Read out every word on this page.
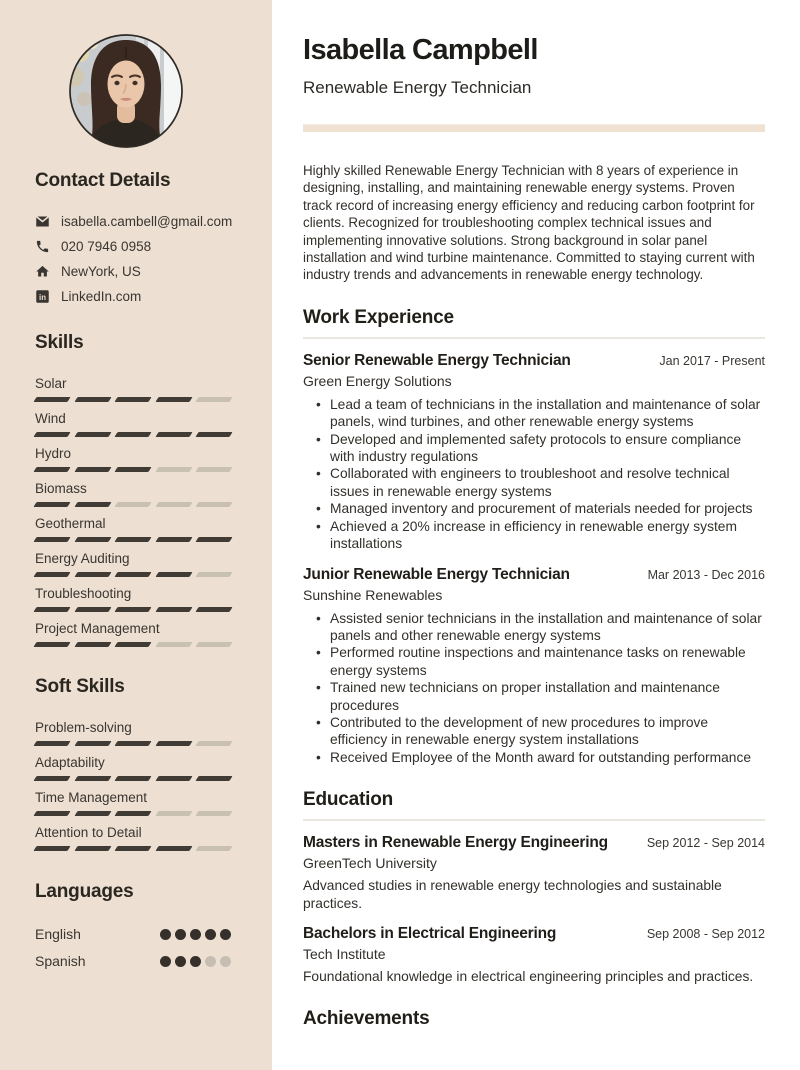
Contact Details
isabella.cambell@gmail.com
020 7946 0958
NewYork, US
in LinkedIn.com
Skills
Solar
Wind
Hydro
Biomass
Geothermal
Energy Auditing
Troubleshooting
Project Management
Soft Skills
Problem-solving
Adaptability
Time Management
Attention to Detail
Languages
English
Spanish
Isabella Campbell
Renewable Energy Technician

Highly skilled Renewable Energy Technician with 8 years of experience in designing, installing, and maintaining renewable energy systems. Proven track record of increasing energy efficiency and reducing carbon footprint for clients. Recognized for troubleshooting complex technical issues and implementing innovative solutions. Strong background in solar panel installation and wind turbine maintenance. Committed to staying current with industry trends and advancements in renewable energy technology.

Work Experience
Senior Renewable Energy Technician	Jan 2017 - Present
Green Energy Solutions
• Lead a team of technicians in the installation and maintenance of solar panels, wind turbines, and other renewable energy systems
• Developed and implemented safety protocols to ensure compliance with industry regulations
• Collaborated with engineers to troubleshoot and resolve technical issues in renewable energy systems
• Managed inventory and procurement of materials needed for projects
• Achieved a 20% increase in efficiency in renewable energy system installations
Junior Renewable Energy Technician	Mar 2013 - Dec 2016
Sunshine Renewables
• Assisted senior technicians in the installation and maintenance of solar panels and other renewable energy systems
• Performed routine inspections and maintenance tasks on renewable energy systems
• Trained new technicians on proper installation and maintenance procedures
• Contributed to the development of new procedures to improve efficiency in renewable energy system installations
• Received Employee of the Month award for outstanding performance
Education
Masters in Renewable Energy Engineering	Sep 2012 - Sep 2014
GreenTech University

Advanced studies in renewable energy technologies and sustainable practices.

Bachelors in Electrical Engineering	Sep 2008 - Sep 2012
Tech Institute

Foundational knowledge in electrical engineering principles and practices.

Achievements
